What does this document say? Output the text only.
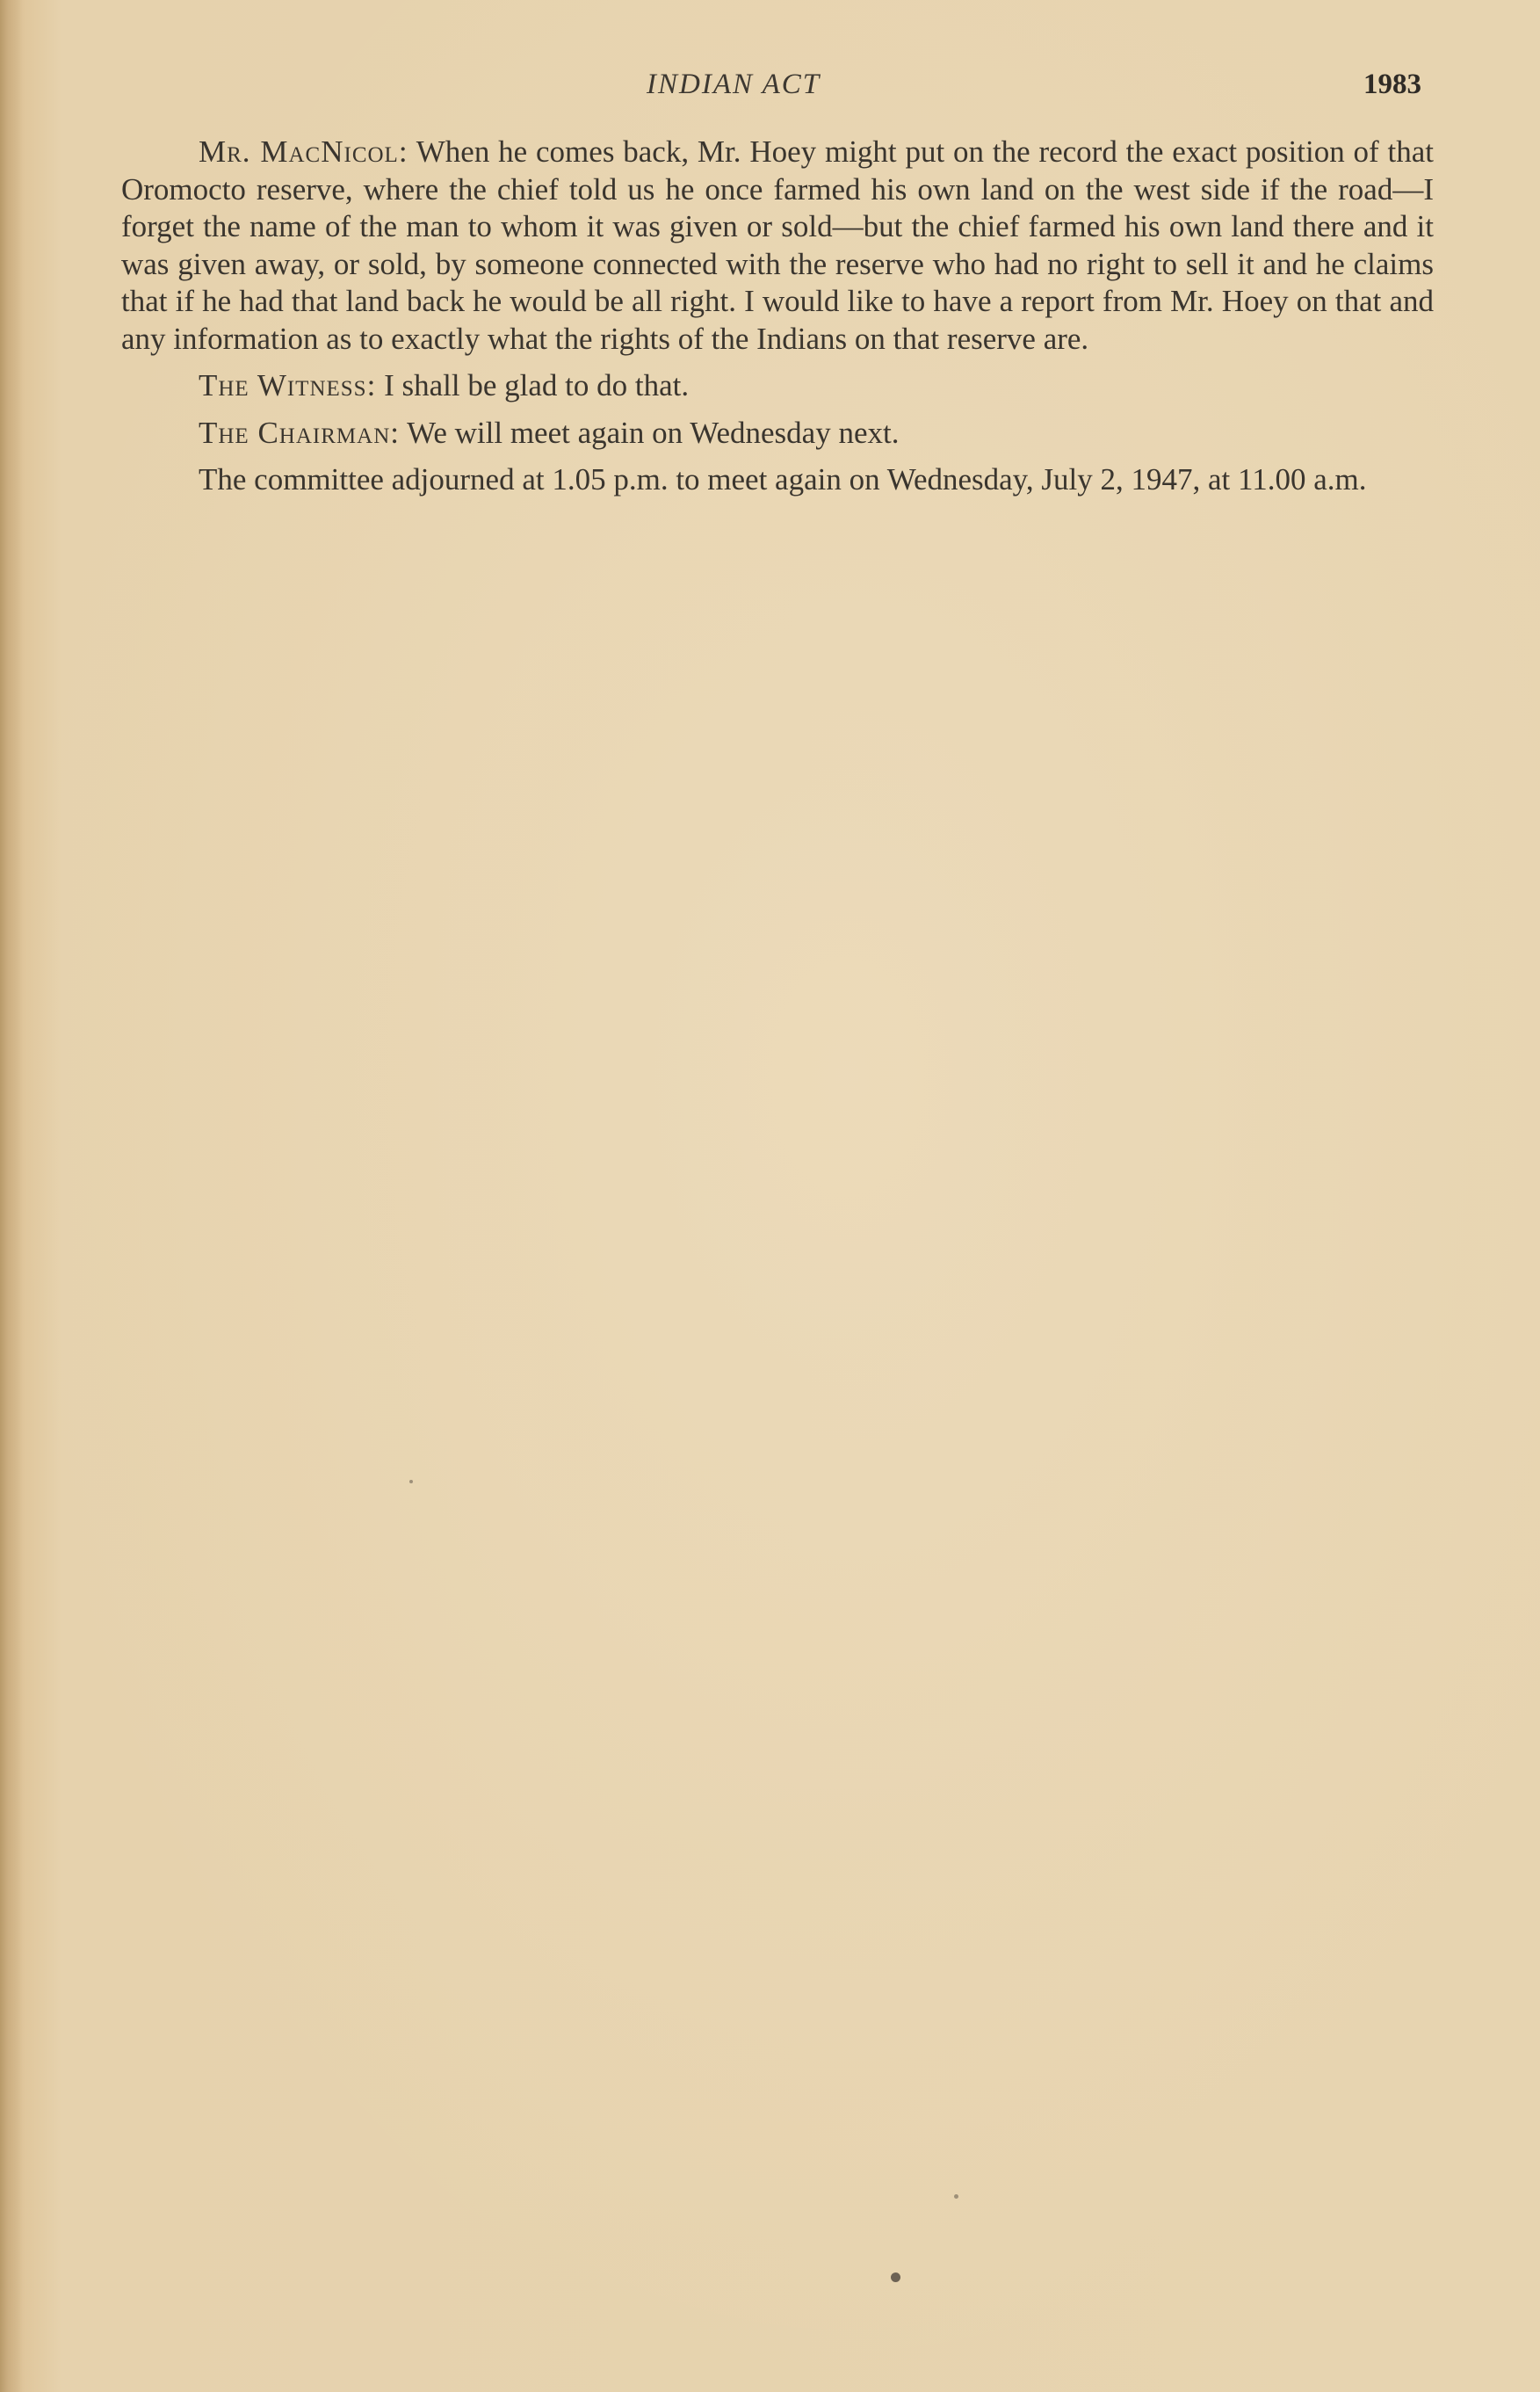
INDIAN ACT	1983

Mr. MacNicol: When he comes back, Mr. Hoey might put on the record the exact position of that Oromocto reserve, where the chief told us he once farmed his own land on the west side if the road—I forget the name of the man to whom it was given or sold—but the chief farmed his own land there and it was given away, or sold, by someone connected with the reserve who had no right to sell it and he claims that if he had that land back he would be all right. I would like to have a report from Mr. Hoey on that and any information as to exactly what the rights of the Indians on that reserve are.

The Witness: I shall be glad to do that.

The Chairman: We will meet again on Wednesday next.

The committee adjourned at 1.05 p.m. to meet again on Wednesday, July 2, 1947, at 11.00 a.m.
